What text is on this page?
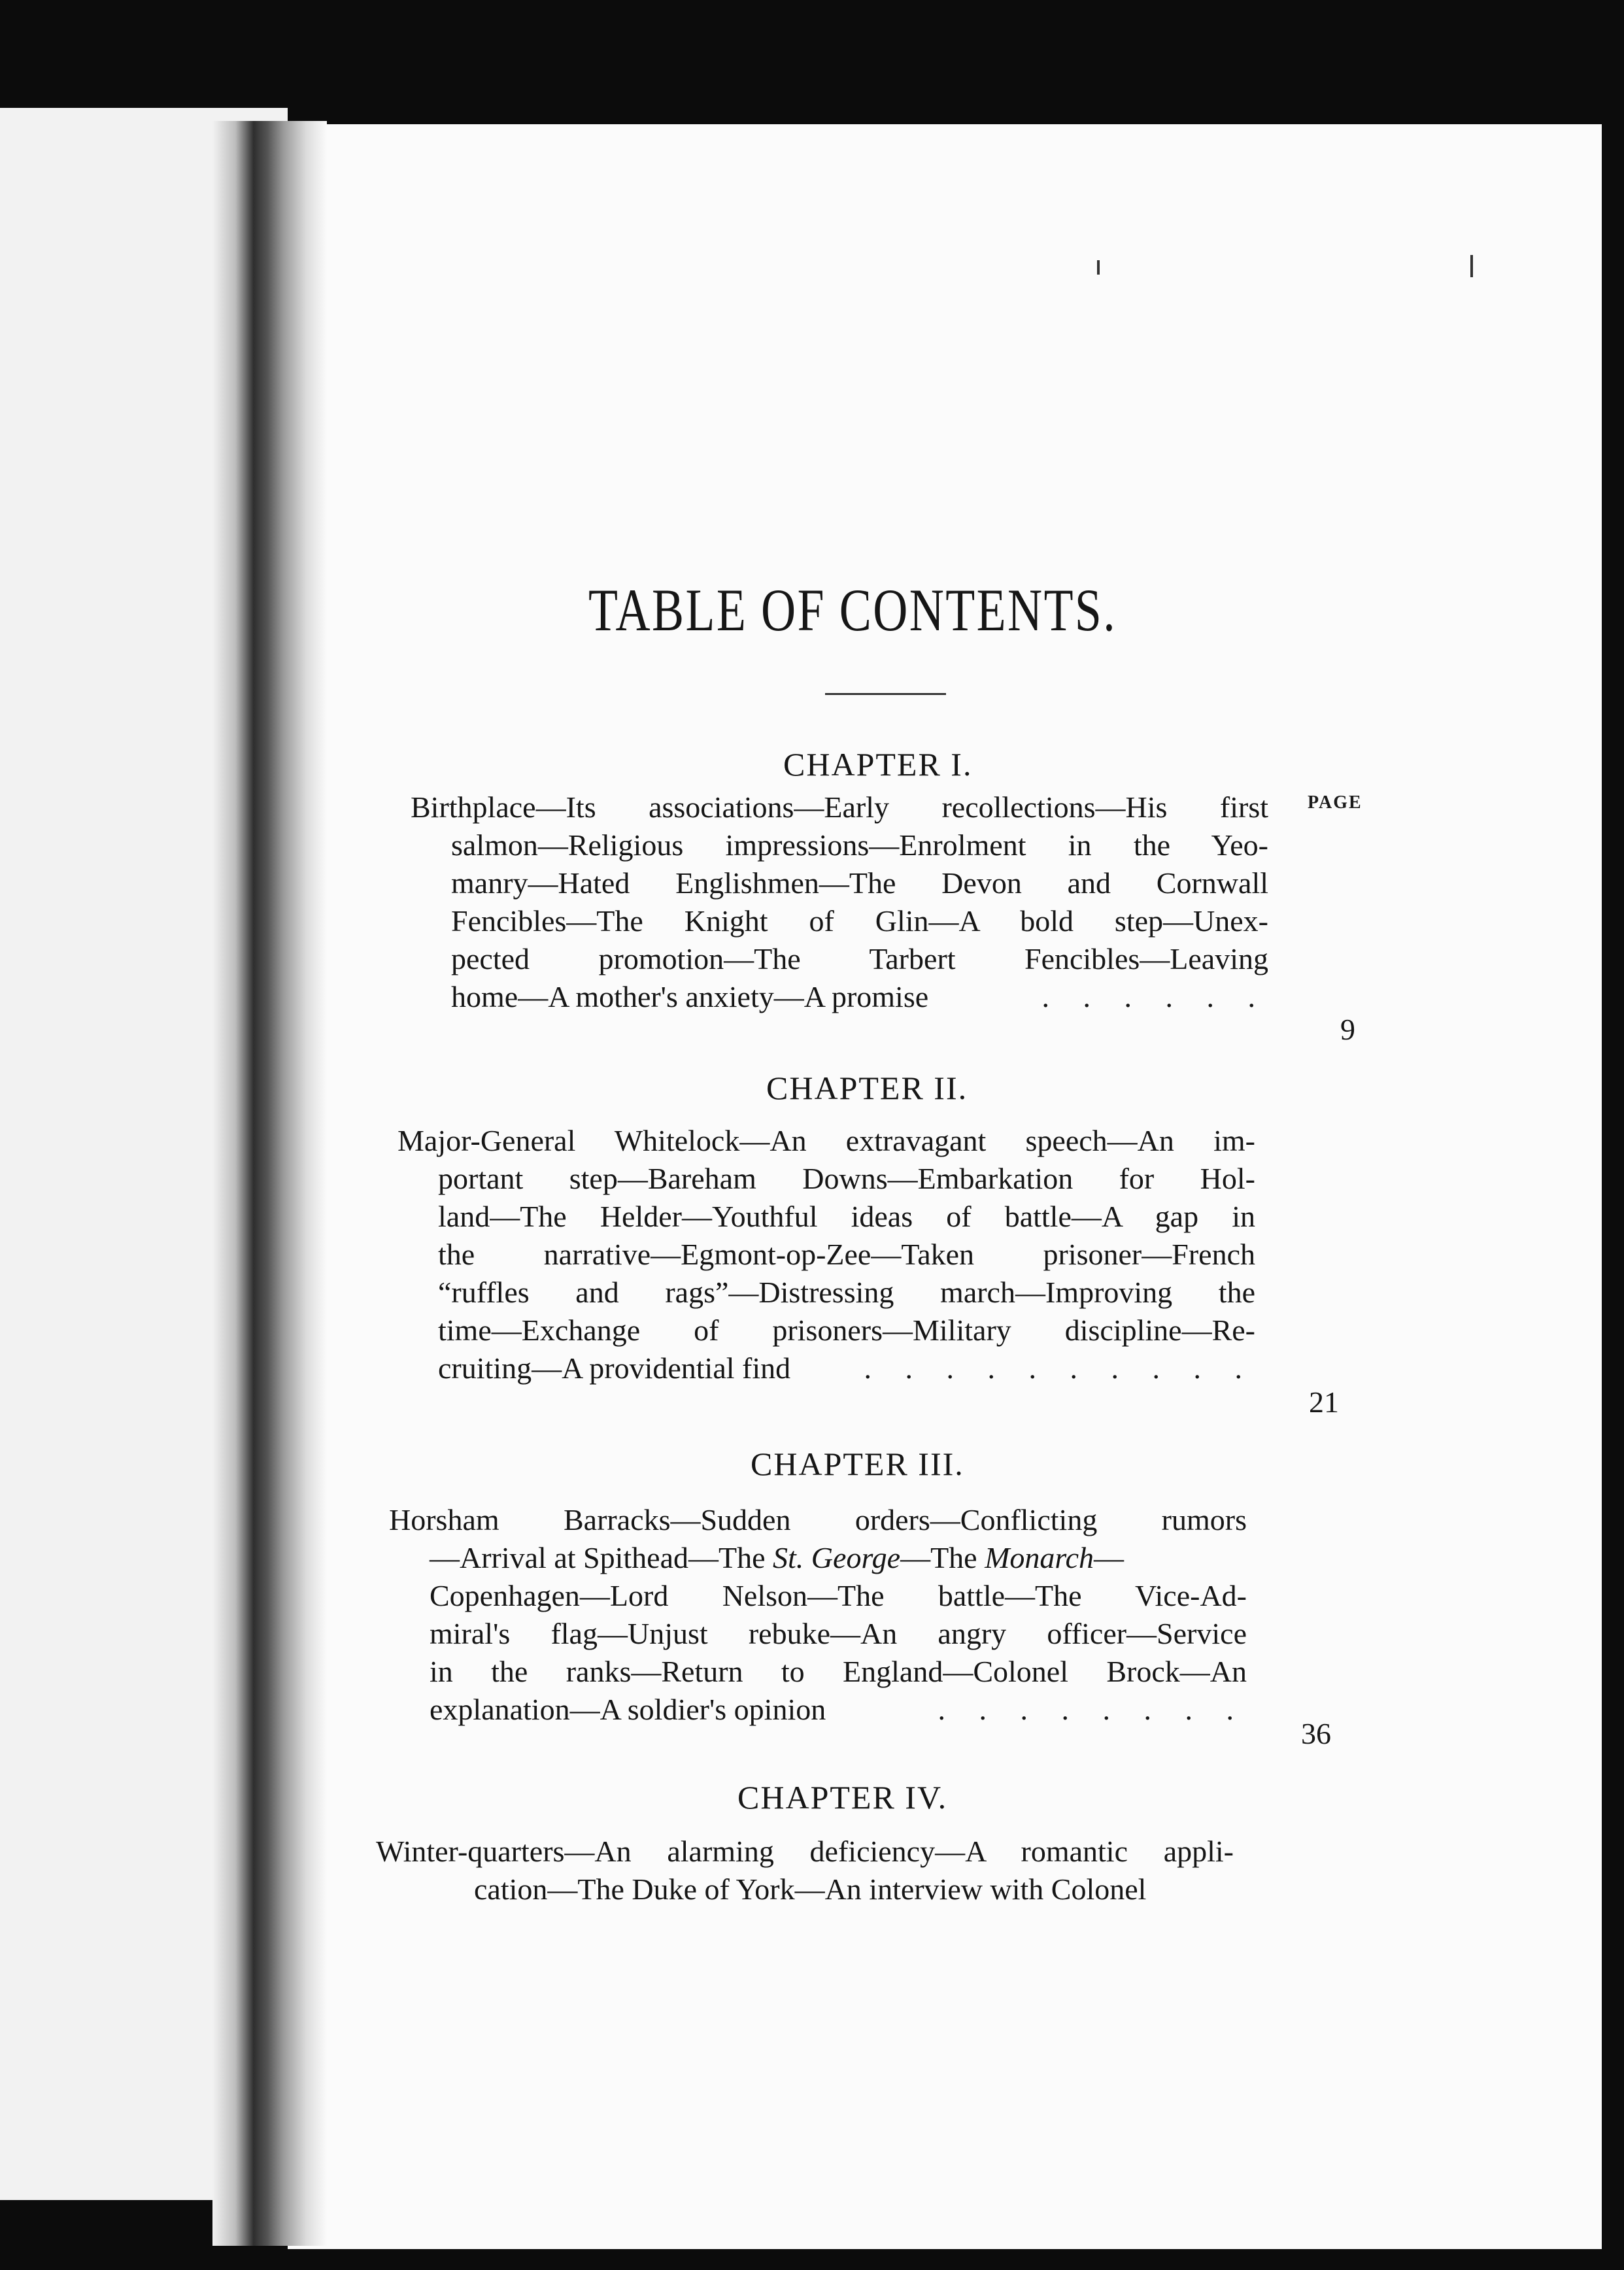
TABLE OF CONTENTS.
CHAPTER I.
PAGE
Birthplace—Its associations—Early recollections—His first
salmon—Religious impressions—Enrolment in the Yeo-
manry—Hated Englishmen—The Devon and Cornwall
Fencibles—The Knight of Glin—A bold step—Unex-
pected promotion—The Tarbert Fencibles—Leaving
home—A mother's anxiety—A promise	. . . . . .
9
CHAPTER II.
Major-General Whitelock—An extravagant speech—An im-
portant step—Bareham Downs—Embarkation for Hol-
land—The Helder—Youthful ideas of battle—A gap in
the narrative—Egmont-op-Zee—Taken prisoner—French
“ruffles and rags”—Distressing march—Improving the
time—Exchange of prisoners—Military discipline—Re-
cruiting—A providential find . . . . . . . . . .
21
CHAPTER III.
Horsham Barracks—Sudden orders—Conflicting rumors
—Arrival at Spithead—The St. George—The Monarch—
Copenhagen—Lord Nelson—The battle—The Vice-Ad-
miral's flag—Unjust rebuke—An angry officer—Service
in the ranks—Return to England—Colonel Brock—An
explanation—A soldier's opinion	. . . . . . . .
36
CHAPTER IV.
Winter-quarters—An alarming deficiency—A romantic appli-
cation—The Duke of York—An interview with Colonel
